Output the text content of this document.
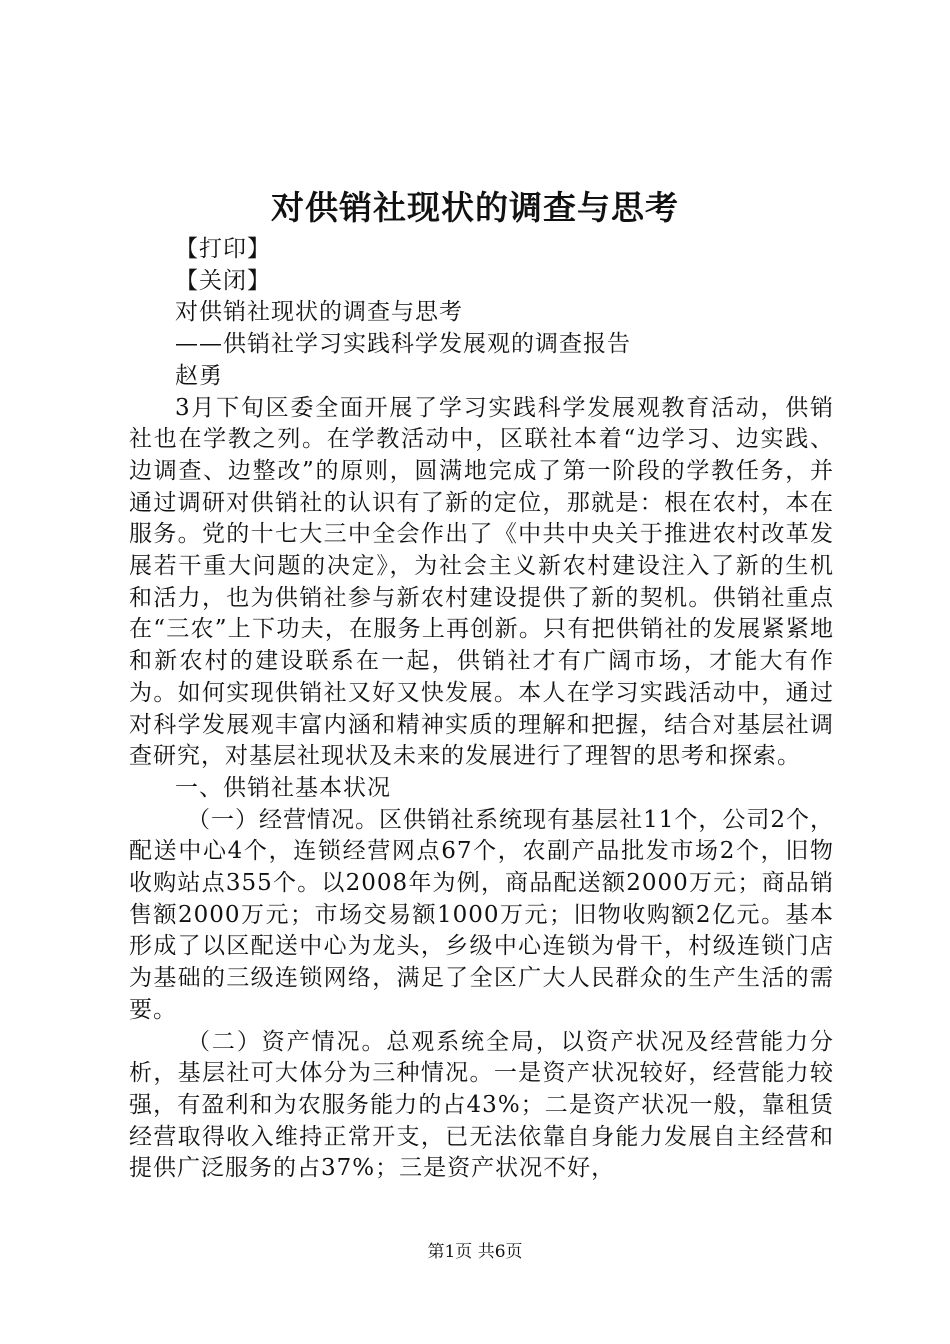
对供销社现状的调查与思考
【打印】
【关闭】
对供销社现状的调查与思考
——供销社学习实践科学发展观的调查报告
赵勇

3月下旬区委全面开展了学习实践科学发展观教育活动，供销社也在学教之列。在学教活动中，区联社本着“边学习、边实践、边调查、边整改”的原则，圆满地完成了第一阶段的学教任务，并通过调研对供销社的认识有了新的定位，那就是：根在农村，本在服务。党的十七大三中全会作出了《中共中央关于推进农村改革发展若干重大问题的决定》，为社会主义新农村建设注入了新的生机和活力，也为供销社参与新农村建设提供了新的契机。供销社重点在“三农”上下功夫，在服务上再创新。只有把供销社的发展紧紧地和新农村的建设联系在一起，供销社才有广阔市场，才能大有作为。如何实现供销社又好又快发展。本人在学习实践活动中，通过对科学发展观丰富内涵和精神实质的理解和把握，结合对基层社调查研究，对基层社现状及未来的发展进行了理智的思考和探索。

一、供销社基本状况

（一）经营情况。区供销社系统现有基层社11个，公司2个，配送中心4个，连锁经营网点67个，农副产品批发市场2个，旧物收购站点355个。以2008年为例，商品配送额2000万元；商品销售额2000万元；市场交易额1000万元；旧物收购额2亿元。基本形成了以区配送中心为龙头，乡级中心连锁为骨干，村级连锁门店为基础的三级连锁网络，满足了全区广大人民群众的生产生活的需要。

（二）资产情况。总观系统全局，以资产状况及经营能力分析，基层社可大体分为三种情况。一是资产状况较好，经营能力较强，有盈利和为农服务能力的占43%；二是资产状况一般，靠租赁经营取得收入维持正常开支，已无法依靠自身能力发展自主经营和提供广泛服务的占37%；三是资产状况不好，

第1页 共6页
